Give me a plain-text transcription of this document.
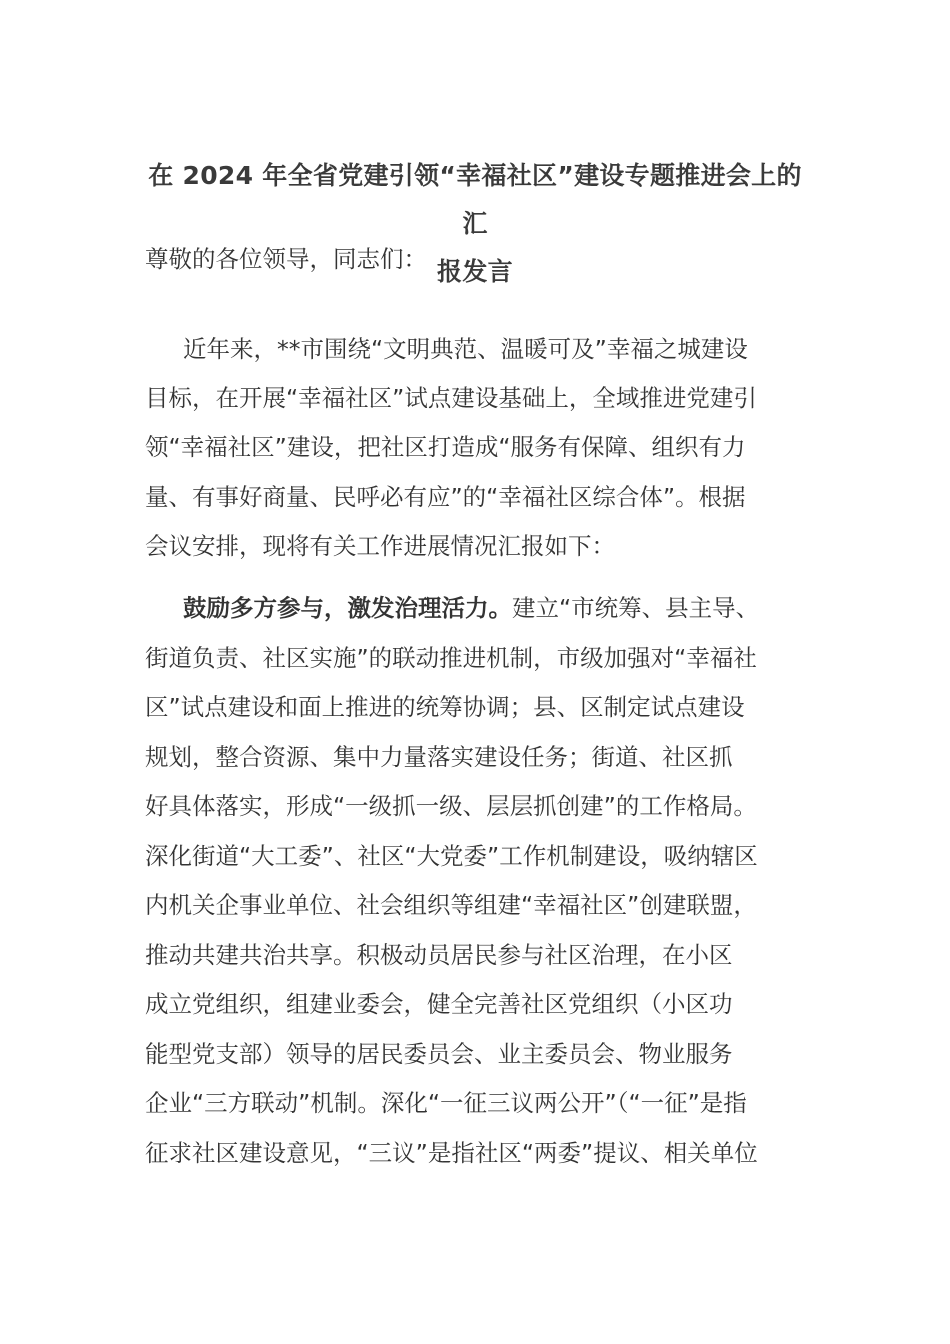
在 2024 年全省党建引领“幸福社区”建设专题推进会上的汇
报发言
尊敬的各位领导，同志们：
近年来，**市围绕“文明典范、温暖可及”幸福之城建设
目标，在开展“幸福社区”试点建设基础上，全域推进党建引
领“幸福社区”建设，把社区打造成“服务有保障、组织有力
量、有事好商量、民呼必有应”的“幸福社区综合体”。根据
会议安排，现将有关工作进展情况汇报如下：
鼓励多方参与，激发治理活力。建立“市统筹、县主导、
街道负责、社区实施”的联动推进机制，市级加强对“幸福社
区”试点建设和面上推进的统筹协调；县、区制定试点建设
规划，整合资源、集中力量落实建设任务；街道、社区抓
好具体落实，形成“一级抓一级、层层抓创建”的工作格局。
深化街道“大工委”、社区“大党委”工作机制建设，吸纳辖区
内机关企事业单位、社会组织等组建“幸福社区”创建联盟，
推动共建共治共享。积极动员居民参与社区治理，在小区
成立党组织，组建业委会，健全完善社区党组织（小区功
能型党支部）领导的居民委员会、业主委员会、物业服务
企业“三方联动”机制。深化“一征三议两公开”（“一征”是指
征求社区建设意见，“三议”是指社区“两委”提议、相关单位
